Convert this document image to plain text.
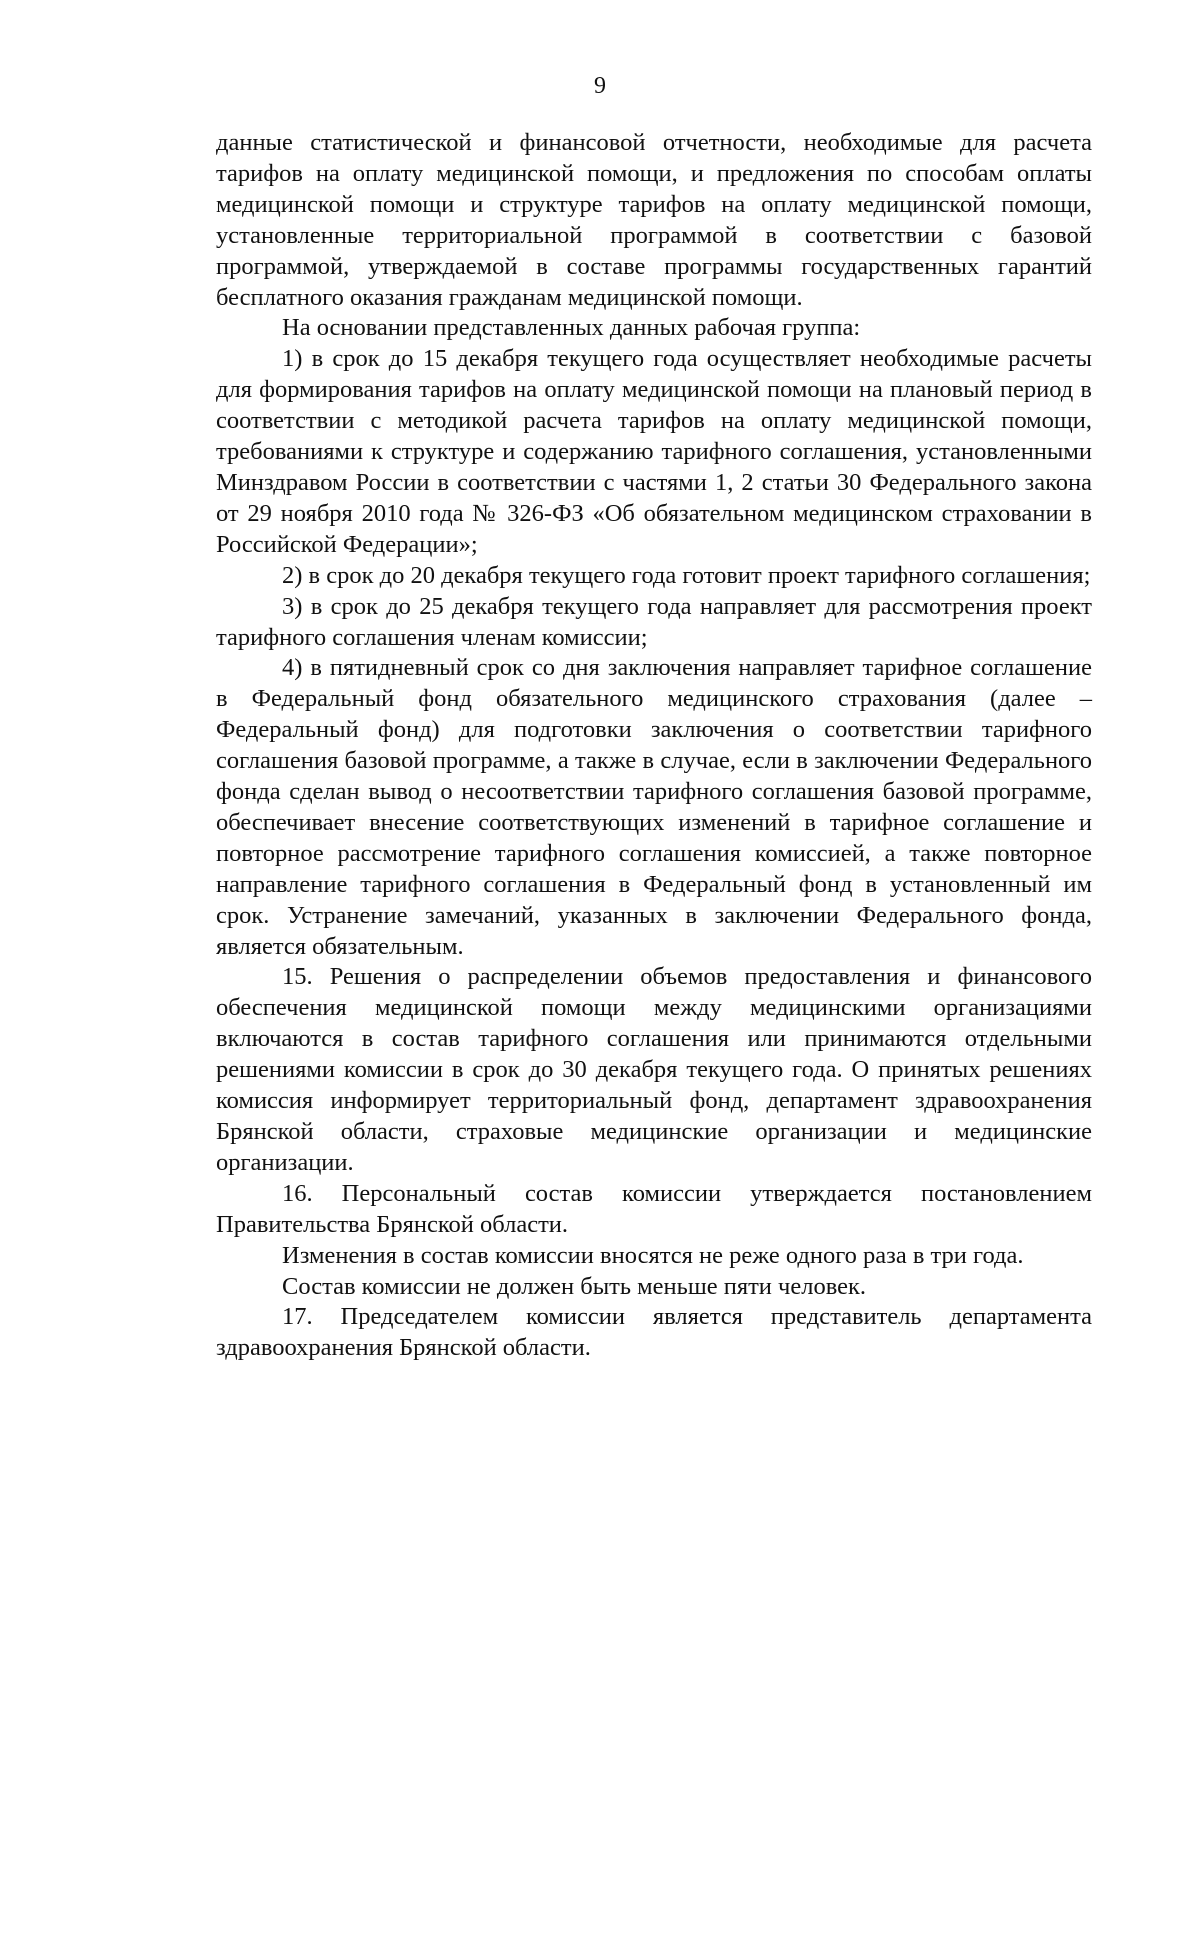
9

данные статистической и финансовой отчетности, необходимые для расчета тарифов на оплату медицинской помощи, и предложения по способам оплаты медицинской помощи и структуре тарифов на оплату медицинской помощи, установленные территориальной программой в соответствии с базовой программой, утверждаемой в составе программы государственных гарантий бесплатного оказания гражданам медицинской помощи.

На основании представленных данных рабочая группа:

1) в срок до 15 декабря текущего года осуществляет необходимые расчеты для формирования тарифов на оплату медицинской помощи на плановый период в соответствии с методикой расчета тарифов на оплату медицинской помощи, требованиями к структуре и содержанию тарифного соглашения, установленными Минздравом России в соответствии с частями 1, 2 статьи 30 Федерального закона от 29 ноября 2010 года № 326-ФЗ «Об обязательном медицинском страховании в Российской Федерации»;

2) в срок до 20 декабря текущего года готовит проект тарифного соглашения;

3) в срок до 25 декабря текущего года направляет для рассмотрения проект тарифного соглашения членам комиссии;

4) в пятидневный срок со дня заключения направляет тарифное соглашение в Федеральный фонд обязательного медицинского страхования (далее – Федеральный фонд) для подготовки заключения о соответствии тарифного соглашения базовой программе, а также в случае, если в заключении Федерального фонда сделан вывод о несоответствии тарифного соглашения базовой программе, обеспечивает внесение соответствующих изменений в тарифное соглашение и повторное рассмотрение тарифного соглашения комиссией, а также повторное направление тарифного соглашения в Федеральный фонд в установленный им срок. Устранение замечаний, указанных в заключении Федерального фонда, является обязательным.

15. Решения о распределении объемов предоставления и финансового обеспечения медицинской помощи между медицинскими организациями включаются в состав тарифного соглашения или принимаются отдельными решениями комиссии в срок до 30 декабря текущего года. О принятых решениях комиссия информирует территориальный фонд, департамент здравоохранения Брянской области, страховые медицинские организации и медицинские организации.

16. Персональный состав комиссии утверждается постановлением Правительства Брянской области.

Изменения в состав комиссии вносятся не реже одного раза в три года.

Состав комиссии не должен быть меньше пяти человек.

17. Председателем комиссии является представитель департамента здравоохранения Брянской области.
